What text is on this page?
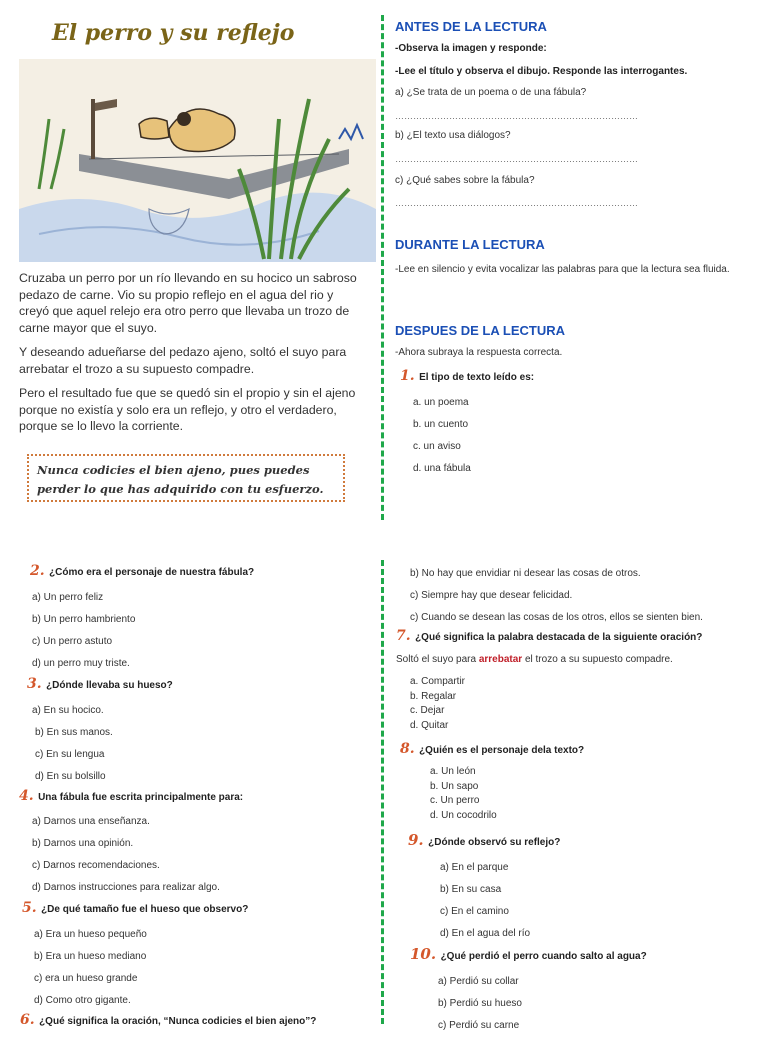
El perro y su reflejo

Cruzaba un perro por un río llevando en su hocico un sabroso pedazo de carne. Vio su propio reflejo en el agua del rio y creyó que aquel relejo era otro perro que llevaba un trozo de carne mayor que el suyo.

Y deseando adueñarse del pedazo ajeno, soltó el suyo para arrebatar el trozo a su supuesto compadre.

Pero el resultado fue que se quedó sin el propio y sin el ajeno porque no existía y solo era un reflejo, y otro el verdadero, porque se lo llevo la corriente.

Nunca codicies el bien ajeno, pues puedes perder lo que has adquirido con tu esfuerzo.
ANTES DE LA LECTURA
-Observa la imagen y responde:
-Lee el título y observa el dibujo. Responde las interrogantes.
a) ¿Se trata de un poema o de una fábula?
………………………………………………………………………
b) ¿El texto usa diálogos?
………………………………………………………………………
c) ¿Qué sabes sobre la fábula?
………………………………………………………………………
DURANTE LA LECTURA
-Lee en silencio y evita vocalizar las palabras para que la lectura sea fluida.
DESPUES DE LA LECTURA
-Ahora subraya la respuesta correcta.
1. El tipo de texto leído es:
a. un poema
b. un cuento
c. un aviso
d. una fábula
2. ¿Cómo era el personaje de nuestra fábula?
a) Un perro feliz
b) Un perro hambriento
c) Un perro astuto
d) un perro muy triste.
3. ¿Dónde llevaba su hueso?
a) En su hocico.
b) En sus manos.
c) En su lengua
d) En su bolsillo
4. Una fábula fue escrita principalmente para:
a) Darnos una enseñanza.
b) Darnos una opinión.
c) Darnos recomendaciones.
d) Darnos instrucciones para realizar algo.
5. ¿De qué tamaño fue el hueso que observo?
a) Era un hueso pequeño
b) Era un hueso mediano
c) era un hueso grande
d) Como otro gigante.
6. ¿Qué significa la oración, “Nunca codicies el bien ajeno”?
b) No hay que envidiar ni desear las cosas de otros.
c) Siempre hay que desear felicidad.
c) Cuando se desean las cosas de los otros, ellos se sienten bien.
7. ¿Qué significa la palabra destacada de la siguiente oración?
Soltó el suyo para arrebatar el trozo a su supuesto compadre.
a. Compartir
b. Regalar
c. Dejar
d. Quitar
8. ¿Quién es el personaje dela texto?
a. Un león
b. Un sapo
c. Un perro
d. Un cocodrilo
9. ¿Dónde observó su reflejo?
a) En el parque
b) En su casa
c) En el camino
d) En el agua del río
10. ¿Qué perdió el perro cuando salto al agua?
a) Perdió su collar
b) Perdió su hueso
c) Perdió su carne
